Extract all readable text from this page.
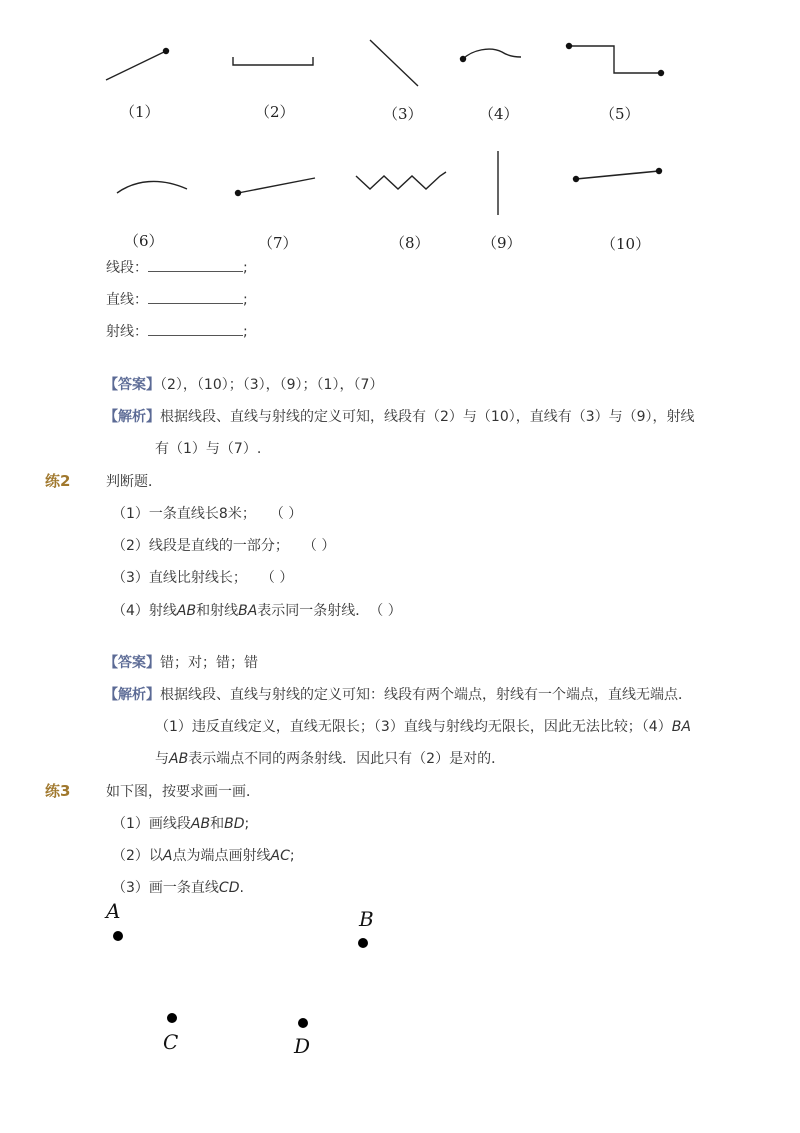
（1）	（2）	（3）	（4）	（5）
（6）	（7）	（8）	（9）	（10）
线段：	;
直线：	;
射线：	;
【答案】（2），（10）；（3），（9）；（1），（7）
【解析】根据线段、直线与射线的定义可知，线段有（2）与（10），直线有（3）与（9），射线
有（1）与（7）.
练2	判断题．
（1）一条直线长8米；　　（ ）
（2）线段是直线的一部分；　　（ ）
（3）直线比射线长；　　（ ）
（4）射线AB和射线BA表示同一条射线．　（ ）
【答案】错；对；错；错
【解析】根据线段、直线与射线的定义可知：线段有两个端点，射线有一个端点，直线无端点．
（1）违反直线定义，直线无限长；（3）直线与射线均无限长，因此无法比较；（4）BA
与AB表示端点不同的两条射线．因此只有（2）是对的．
练3	如下图，按要求画一画．
（1）画线段AB和BD;
（2）以A点为端点画射线AC;
（3）画一条直线CD.
A	B
C	D
